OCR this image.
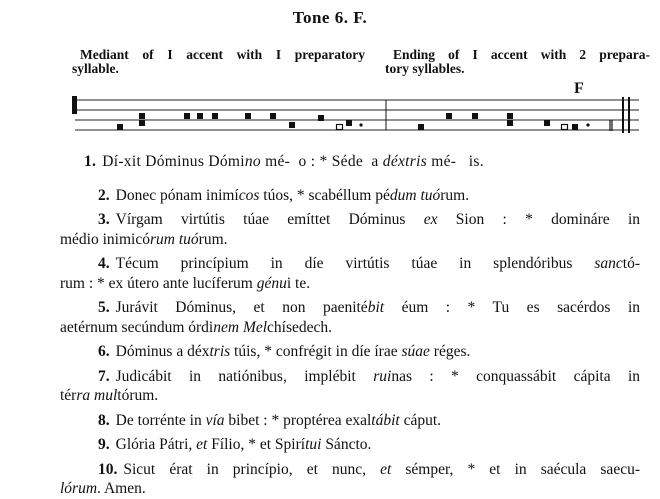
Tone 6. F.
Mediant of I accent with I preparatory
syllable.
Ending of I accent with 2 prepara-
tory syllables.
F
1. Dí-xit Dóminus Dómino mé-  o : * Séde  a déxtris mé-   is.
2. Donec pónam inimícos túos, * scabéllum pédum tuórum.
3. Vírgam virtútis túae emíttet Dóminus ex Sion : * domináre in
médio inimicórum tuórum.
4. Técum princípium in díe virtútis túae in splendóribus sanctó-
rum : * ex útero ante lucíferum génui te.
5. Jurávit Dóminus, et non paenitébit éum : * Tu es sacérdos in
aetérnum secúndum órdinem Melchísedech.
6. Dóminus a déxtris túis, * confrégit in díe írae súae réges.
7. Judicábit in natiónibus, implébit ruinas : * conquassábit cápita in
térra multórum.
8. De torrénte in vía bibet : * proptérea exaltábit cáput.
9. Glória Pátri, et Fílio, * et Spirítui Sáncto.
10. Sicut érat in princípio, et nunc, et sémper, * et in saécula saecu-
lórum. Amen.
